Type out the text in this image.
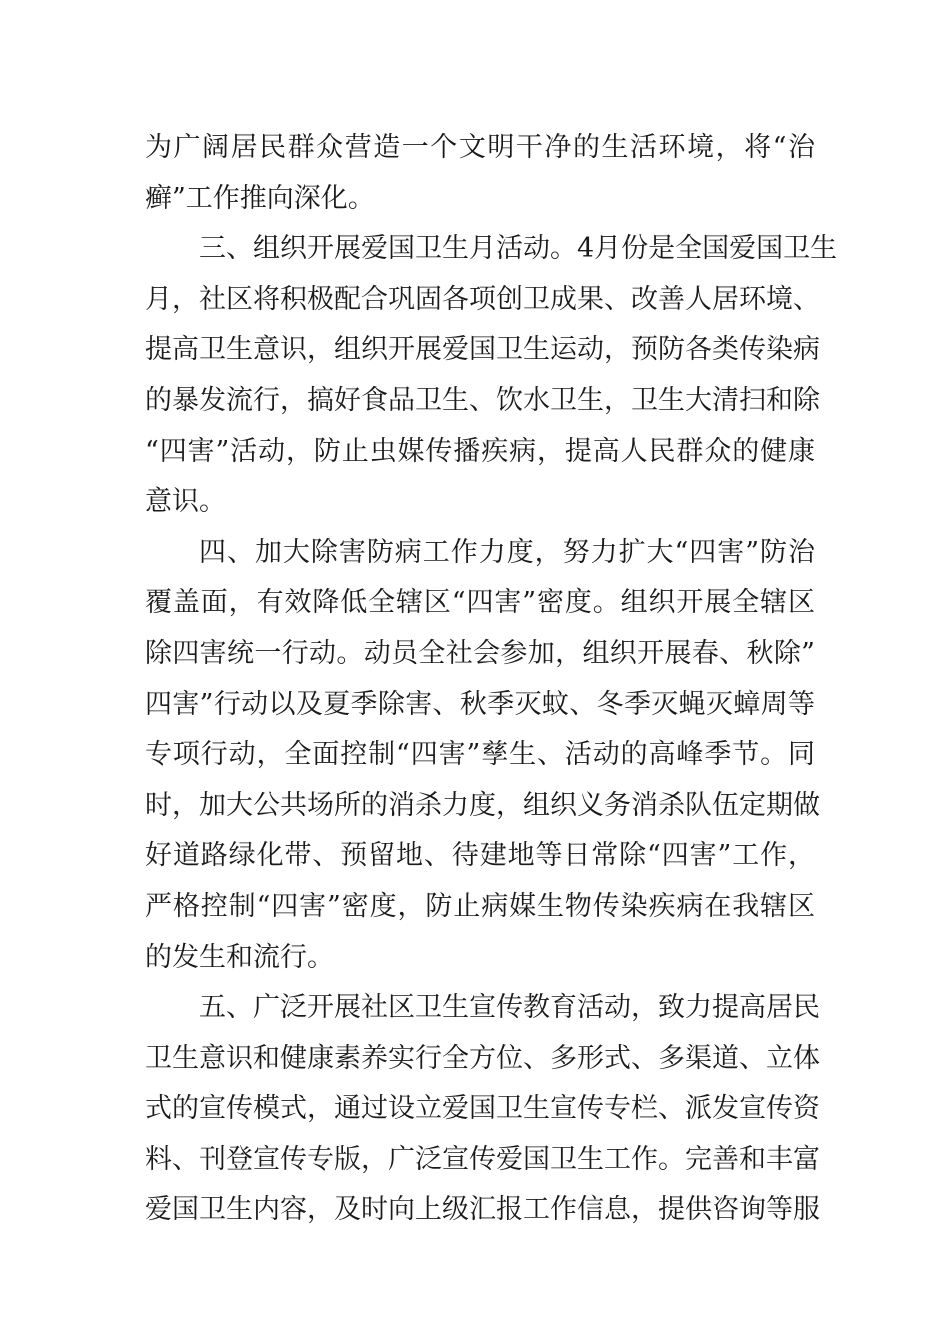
为广阔居民群众营造一个文明干净的生活环境，将“治
癣”工作推向深化。
三、组织开展爱国卫生月活动。4月份是全国爱国卫生
月，社区将积极配合巩固各项创卫成果、改善人居环境、
提高卫生意识，组织开展爱国卫生运动，预防各类传染病
的暴发流行，搞好食品卫生、饮水卫生，卫生大清扫和除
“四害”活动，防止虫媒传播疾病，提高人民群众的健康
意识。
四、加大除害防病工作力度，努力扩大“四害”防治
覆盖面，有效降低全辖区“四害”密度。组织开展全辖区
除四害统一行动。动员全社会参加，组织开展春、秋除”
四害”行动以及夏季除害、秋季灭蚊、冬季灭蝇灭蟑周等
专项行动，全面控制“四害”孳生、活动的高峰季节。同
时，加大公共场所的消杀力度，组织义务消杀队伍定期做
好道路绿化带、预留地、待建地等日常除“四害”工作，
严格控制“四害”密度，防止病媒生物传染疾病在我辖区
的发生和流行。
五、广泛开展社区卫生宣传教育活动，致力提高居民
卫生意识和健康素养实行全方位、多形式、多渠道、立体
式的宣传模式，通过设立爱国卫生宣传专栏、派发宣传资
料、刊登宣传专版，广泛宣传爱国卫生工作。完善和丰富
爱国卫生内容，及时向上级汇报工作信息，提供咨询等服
